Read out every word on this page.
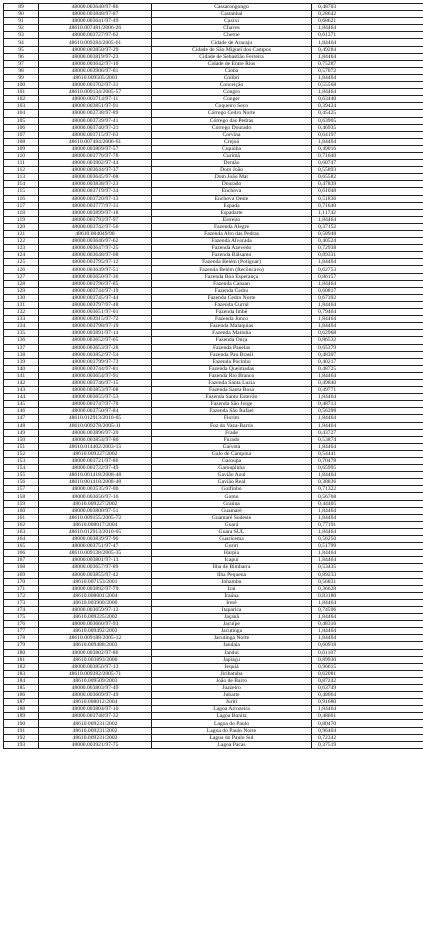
89	48000.003640/97-86	Cassarongongo	0,48703
90	48000.003848/97-87	Castanhal	0,28642
91	48000.003641/97-49	Caxixi	0,68621
92	48610.007481/2006-26	Chaves	1,84464
93	48000.003727/97-62	Cherne	0,61371
94	48610.009284/2005-61	Cidade de Aracaju	1,84464
95	48000.003850/97-29	Cidade de São Miguel dos Campos	0,49284
96	48000.003819/97-23	Cidade de Sebastião Ferreira	1,84464
97	48000.003642/97-10	Cidade de Entre Rios	0,75287
98	48000.003906/97-81	Cioba	0,57072
99	48610.009505/2003	Colibri	1,84464
100	48000.003702/97-31	Conceição	0,55568
101	48610.009134/2005-57	Congro	1,84464
102	48000.003714/97-11	Conger	0,63440
103	48000.003851/97-91	Coqueiro Seco	0,39424
104	48000.003738/97-89	Córrego Cedro Norte	0,45425
105	48000.003739/97-41	Córrego das Pedras	0,63905
106	48000.003740/97-21	Córrego Dourado	0,46935
107	48000.003715/97-63	Corvina	0,64197
108	48610.007484/2006-61	Crejoá	1,84464
109	48000.003869/97-57	Cupiúba	0,49016
110	48000.003776/97-78	Curimã	0,71640
111	48000.003902/97-44	Dentão	0,60747
112	48000.003644/97-37	Dom João	0,55893
113	48000.003645/97-08	Dom João Mar	0,65582
114	48000.003838/97-23	Dourado	0,47839
115	48000.003719/97-34	Enchova	0,61048
116	48000.003720/97-13	Enchova Oeste	0,51836
117	48000.003777/97-31	Espada	0,71640
118	48000.003899/97-18	Espadarte	1,11742
119	48000.003793/97-97	Estreito	1,84464
120	48000.003742/97-56	Fazenda Alegre	0,37152
121	48610.004049/98	Fazenda Alto das Pedras	0,58948
122	48000.003646/97-62	Fazenda Alvorada	0,40524
123	48000.003647/97-25	Fazenda Azevedo	0,72938
124	48000.003648/97-08	Fazenda Bálsamo	0,89331
125	48000.003795/97-12	Fazenda Belém (Potiguar)	1,84464
126	48000.003649/97-51	Fazenda Belém (Recôncavo)	0,62753
127	48000.003650/97-30	Fazenda Boa Esperança	0,86157
128	48000.003796/97-85	Fazenda Canaan	1,84464
129	48000.003744/97-19	Fazenda Cedro	0,60817
130	48000.003745/97-44	Fazenda Cedro Norte	0,67392
131	48000.003797/97-48	Fazenda Curral	1,84464
132	48000.003651/97-01	Fazenda Imbé	0,79464
133	48000.003915/97-72	Fazenda Junco	1,84464
134	48000.003798/97-19	Fazenda Malaquias	1,84464
135	48000.003891/97-14	Fazenda Matinha	0,62968
136	48000.003652/97-65	Fazenda Onça	0,86532
137	48000.003653/97-28	Fazenda Panelas	0,65379
138	48000.003852/97-54	Fazenda Pau Brasil	0,48307
139	48000.003799/97-73	Fazenda Pocinho	0,40217
140	48000.003744/97-81	Fazenda Queimadas	0,48725
141	48000.003654/97-91	Fazenda Rio Branco	1,84464
142	48000.003746/97-15	Fazenda Santa Luzia	0,49840
143	48000.003853/97-08	Fazenda Santa Rosa	0,49771
144	48000.003655/97-53	Fazenda Santo Estevão	1,84464
145	48000.003747/97-70	Fazenda São Jorge	0,48713
146	48000.003750/97-84	Fazenda São Rafael	0,56398
147	48610.012913/2010-05	Florim	1,84464
148	48610.009278/2005-11	Foz do Vaza-Barris	1,84464
149	48000.003896/97-20	Frade	0,43727
150	48000.003854/97-80	Furado	0,53874
151	48610.014402/2003-15	Gaivota	1,84464
152	48610.009227/2002	Galo de Campina	0,54441
153	48000.003721/97-86	Garoupa	0,70478
154	48000.003722/97-49	Garoupinha	0,65995
155	48610.001418/2008-48	Gavião Azul	1,84464
156	48610.001418/2008-48	Gavião Real	0,38836
157	48000.003535/97-00	Golfinho	0,71322
158	48000.003656/97-16	Gomo	0,56768
159	48610.009227/2002	Graúna	0,44405
160	48000.003800/97-51	Guamaré	1,84464
161	48610.009155/2005-72	Guamaré Sudeste	1,84464
162	48610.008017/2004	Guará	0,77191
163	48610.012913/2010-05	Guara SUL	1,84464
164	48000.003839/97-96	Guaricema	0,50250
165	48000.003751/97-47	Guriri	0,51799
166	48610.009138/2005-35	Harpia	1,84464
167	48000.003801/97-13	Icapuí	1,84464
168	48000.003657/97-89	Ilha de Bimbarra	0,53435
169	48000.003855/97-42	Ilha Pequena	0,89233
170	48610.007153/2001	Inhambu	0,56831
171	48000.003892/97-79	Irai	0,36628
172	48610.008001/2004	Iraúna	0,83180
173	48610.003900/2000	Irerê	1,84464
174	48000.003659/97-12	Itaparica	0,74596
175	48610.009225/2002	Jaçanã	1,84464
176	48000.003660/97-93	Jacuípe	0,48316
177	48610.009492/2003	Jacutinga	1,84464
178	48610.009188/2005-12	Jacutinga Norte	1,84464
179	48610.009488/2003	Jandaia	0,60918
180	48000.003802/97-86	Jandui	0,61107
181	48610.003893/2000	Japiaçu	0,89930
182	48000.003856/97-13	Jequiá	0,96615
183	48610.009282/2005-71	Jiribatuba	0,62081
184	48610.009509/2003	João de Barro	0,87242
185	48000.003803/97-49	Juazeiro	0,63749
186	48000.003669/97-49	Jubarte	0,48064
187	48610.008012/2004	Juriti	0,91680
188	48000.003804/97-10	Lagoa Arrozeira	1,84464
189	48000.003748/97-32	Lagoa Bonita	0,48661
190	48610.009231/2002	Lagoa do Paulo	0,80470
191	48610.009231/2002	Lagoa do Paulo Norte	0,96404
192	48610.009231/2002	Lagoa do Paulo Sul	0,72342
193	48000.003921/97-75	Lagoa Pacas	0,37519
